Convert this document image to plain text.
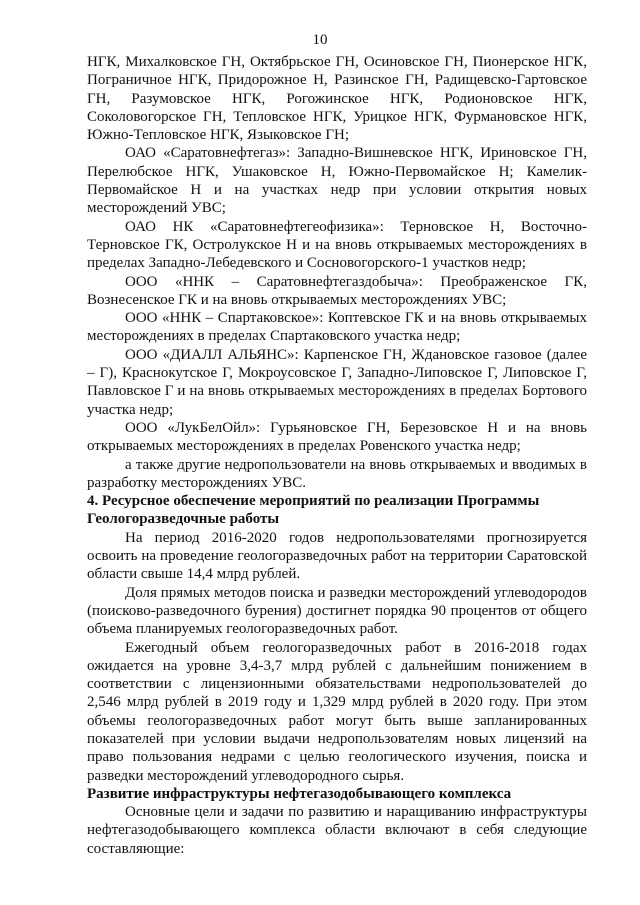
10

НГК, Михалковское ГН, Октябрьское ГН, Осиновское ГН, Пионерское НГК, Пограничное НГК, Придорожное Н, Разинское ГН, Радищевско-Гартовское ГН, Разумовское НГК, Рогожинское НГК, Родионовское НГК, Соколовогорское ГН, Тепловское НГК, Урицкое НГК, Фурмановское НГК, Южно-Тепловское НГК, Языковское ГН;

ОАО «Саратовнефтегаз»: Западно-Вишневское НГК, Ириновское ГН, Перелюбское НГК, Ушаковское Н, Южно-Первомайское Н; Камелик-Первомайское Н и на участках недр при условии открытия новых месторождений УВС;

ОАО НК «Саратовнефтегеофизика»: Терновское Н, Восточно-Терновское ГК, Остролукское Н и на вновь открываемых месторождениях в пределах Западно-Лебедевского и Сосновогорского-1 участков недр;

ООО «ННК – Саратовнефтегаздобыча»: Преображенское ГК, Вознесенское ГК и на вновь открываемых месторождениях УВС;

ООО «ННК – Спартаковское»: Коптевское ГК и на вновь открываемых месторождениях в пределах Спартаковского участка недр;

ООО «ДИАЛЛ АЛЬЯНС»: Карпенское ГН, Ждановское газовое (далее – Г), Краснокутское Г, Мокроусовское Г, Западно-Липовское Г, Липовское Г, Павловское Г и на вновь открываемых месторождениях в пределах Бортового участка недр;

ООО «ЛукБелОйл»: Гурьяновское ГН, Березовское Н и на вновь открываемых месторождениях в пределах Ровенского участка недр;

а также другие недропользователи на вновь открываемых и вводимых в разработку месторождениях УВС.

4. Ресурсное обеспечение мероприятий по реализации Программы

Геологоразведочные работы

На период 2016-2020 годов недропользователями прогнозируется освоить на проведение геологоразведочных работ на территории Саратовской области свыше 14,4 млрд рублей.

Доля прямых методов поиска и разведки месторождений углеводородов (поисково-разведочного бурения) достигнет порядка 90 процентов от общего объема планируемых геологоразведочных работ.

Ежегодный объем геологоразведочных работ в 2016-2018 годах ожидается на уровне 3,4-3,7 млрд рублей с дальнейшим понижением в соответствии с лицензионными обязательствами недропользователей до 2,546 млрд рублей в 2019 году и 1,329 млрд рублей в 2020 году. При этом объемы геологоразведочных работ могут быть выше запланированных показателей при условии выдачи недропользователям новых лицензий на право пользования недрами с целью геологического изучения, поиска и разведки месторождений углеводородного сырья.

Развитие инфраструктуры нефтегазодобывающего комплекса

Основные цели и задачи по развитию и наращиванию инфраструктуры нефтегазодобывающего комплекса области включают в себя следующие составляющие:
